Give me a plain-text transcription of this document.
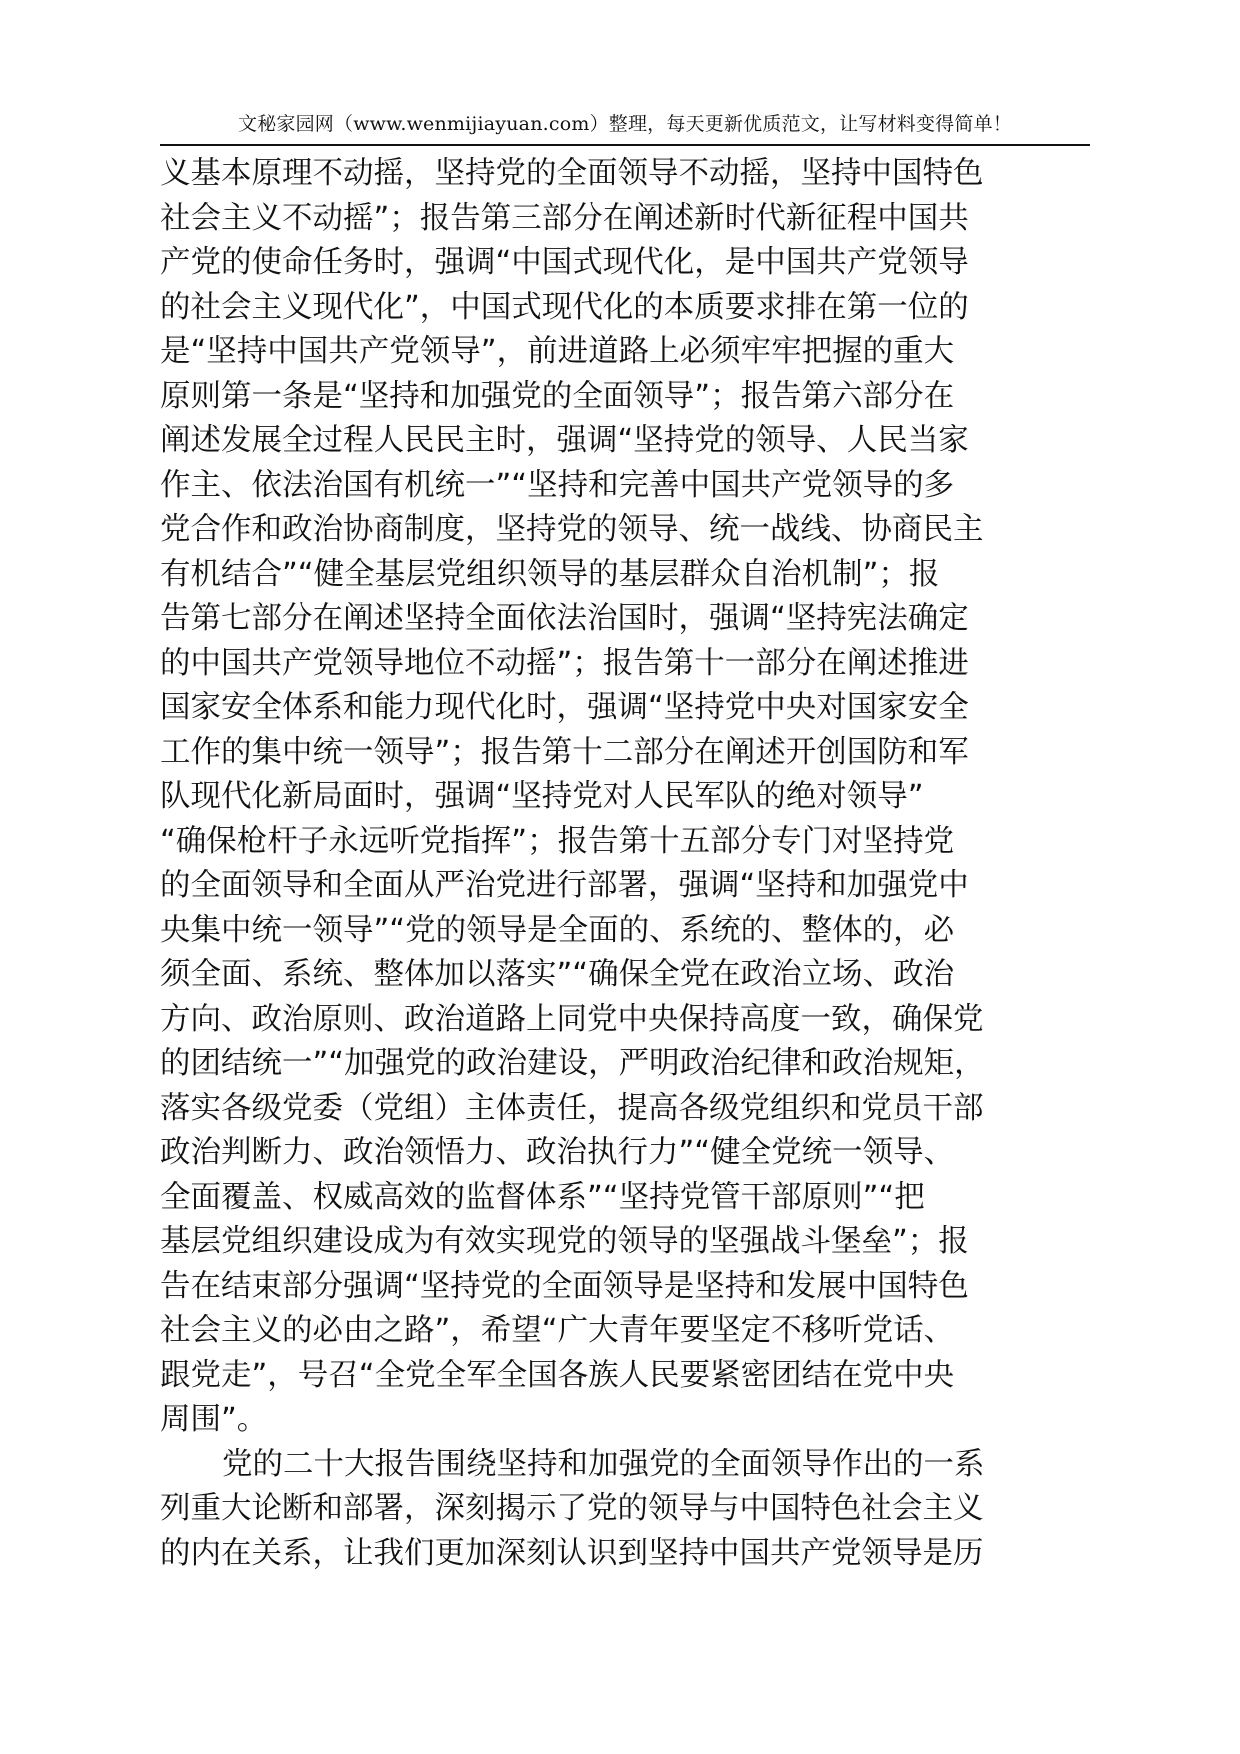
文秘家园网（www.wenmijiayuan.com）整理，每天更新优质范文，让写材料变得简单！
义基本原理不动摇，坚持党的全面领导不动摇，坚持中国特色
社会主义不动摇”；报告第三部分在阐述新时代新征程中国共
产党的使命任务时，强调“中国式现代化，是中国共产党领导
的社会主义现代化”，中国式现代化的本质要求排在第一位的
是“坚持中国共产党领导”，前进道路上必须牢牢把握的重大
原则第一条是“坚持和加强党的全面领导”；报告第六部分在
阐述发展全过程人民民主时，强调“坚持党的领导、人民当家
作主、依法治国有机统一”“坚持和完善中国共产党领导的多
党合作和政治协商制度，坚持党的领导、统一战线、协商民主
有机结合”“健全基层党组织领导的基层群众自治机制”；报
告第七部分在阐述坚持全面依法治国时，强调“坚持宪法确定
的中国共产党领导地位不动摇”；报告第十一部分在阐述推进
国家安全体系和能力现代化时，强调“坚持党中央对国家安全
工作的集中统一领导”；报告第十二部分在阐述开创国防和军
队现代化新局面时，强调“坚持党对人民军队的绝对领导”
“确保枪杆子永远听党指挥”；报告第十五部分专门对坚持党
的全面领导和全面从严治党进行部署，强调“坚持和加强党中
央集中统一领导”“党的领导是全面的、系统的、整体的，必
须全面、系统、整体加以落实”“确保全党在政治立场、政治
方向、政治原则、政治道路上同党中央保持高度一致，确保党
的团结统一”“加强党的政治建设，严明政治纪律和政治规矩，
落实各级党委（党组）主体责任，提高各级党组织和党员干部
政治判断力、政治领悟力、政治执行力”“健全党统一领导、
全面覆盖、权威高效的监督体系”“坚持党管干部原则”“把
基层党组织建设成为有效实现党的领导的坚强战斗堡垒”；报
告在结束部分强调“坚持党的全面领导是坚持和发展中国特色
社会主义的必由之路”，希望“广大青年要坚定不移听党话、
跟党走”，号召“全党全军全国各族人民要紧密团结在党中央
周围”。
党的二十大报告围绕坚持和加强党的全面领导作出的一系
列重大论断和部署，深刻揭示了党的领导与中国特色社会主义
的内在关系，让我们更加深刻认识到坚持中国共产党领导是历
